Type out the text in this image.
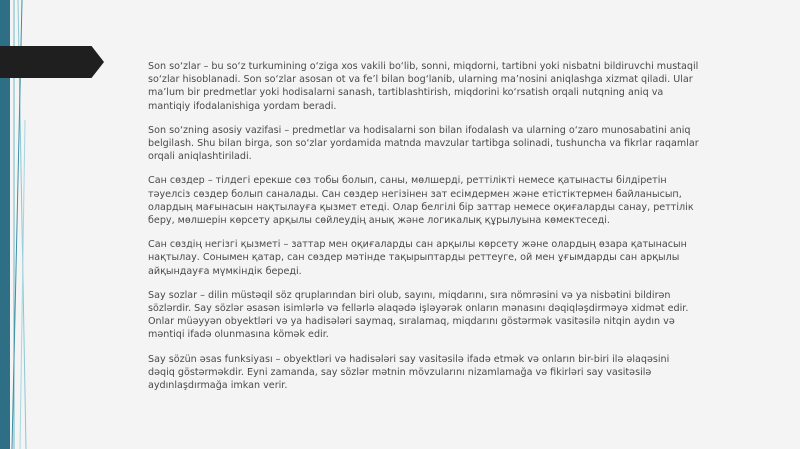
Son so‘zlar – bu so‘z turkumining o‘ziga xos vakili bo‘lib, sonni, miqdorni, tartibni yoki nisbatni bildiruvchi mustaqil so‘zlar hisoblanadi. Son so‘zlar asosan ot va fe’l bilan bog‘lanib, ularning ma’nosini aniqlashga xizmat qiladi. Ular ma’lum bir predmetlar yoki hodisalarni sanash, tartiblashtirish, miqdorini ko‘rsatish orqali nutqning aniq va mantiqiy ifodalanishiga yordam beradi.
Son so‘zning asosiy vazifasi – predmetlar va hodisalarni son bilan ifodalash va ularning o‘zaro munosabatini aniq belgilash. Shu bilan birga, son so‘zlar yordamida matnda mavzular tartibga solinadi, tushuncha va fikrlar raqamlar orqali aniqlashtiriladi.
Сан сөздер – тілдегі ерекше сөз тобы болып, саны, мөлшерді, реттілікті немесе қатынасты білдіретін тәуелсіз сөздер болып саналады. Сан сөздер негізінен зат есімдермен және етістіктермен байланысып, олардың мағынасын нақтылауға қызмет етеді. Олар белгілі бір заттар немесе оқиғаларды санау, реттілік беру, мөлшерін көрсету арқылы сөйлеудің анық және логикалық құрылуына көмектеседі.
Сан сөздің негізгі қызметі – заттар мен оқиғаларды сан арқылы көрсету және олардың өзара қатынасын нақтылау. Сонымен қатар, сан сөздер мәтінде тақырыптарды реттеуге, ой мен ұғымдарды сан арқылы айқындауға мүмкіндік береді.
Say sozlar – dilin müstəqil söz qruplarından biri olub, sayını, miqdarını, sıra nömrəsini və ya nisbətini bildirən sözlərdir. Say sözlər əsasən isimlərlə və fellərlə əlaqədə işləyərək onların mənasını dəqiqləşdirməyə xidmət edir. Onlar müəyyən obyektləri və ya hadisələri saymaq, sıralamaq, miqdarını göstərmək vasitəsilə nitqin aydın və məntiqi ifadə olunmasına kömək edir.
Say sözün əsas funksiyası – obyektləri və hadisələri say vasitəsilə ifadə etmək və onların bir-biri ilə əlaqəsini dəqiq göstərməkdir. Eyni zamanda, say sözlər mətnin mövzularını nizamlamağa və fikirləri say vasitəsilə aydınlaşdırmağa imkan verir.
